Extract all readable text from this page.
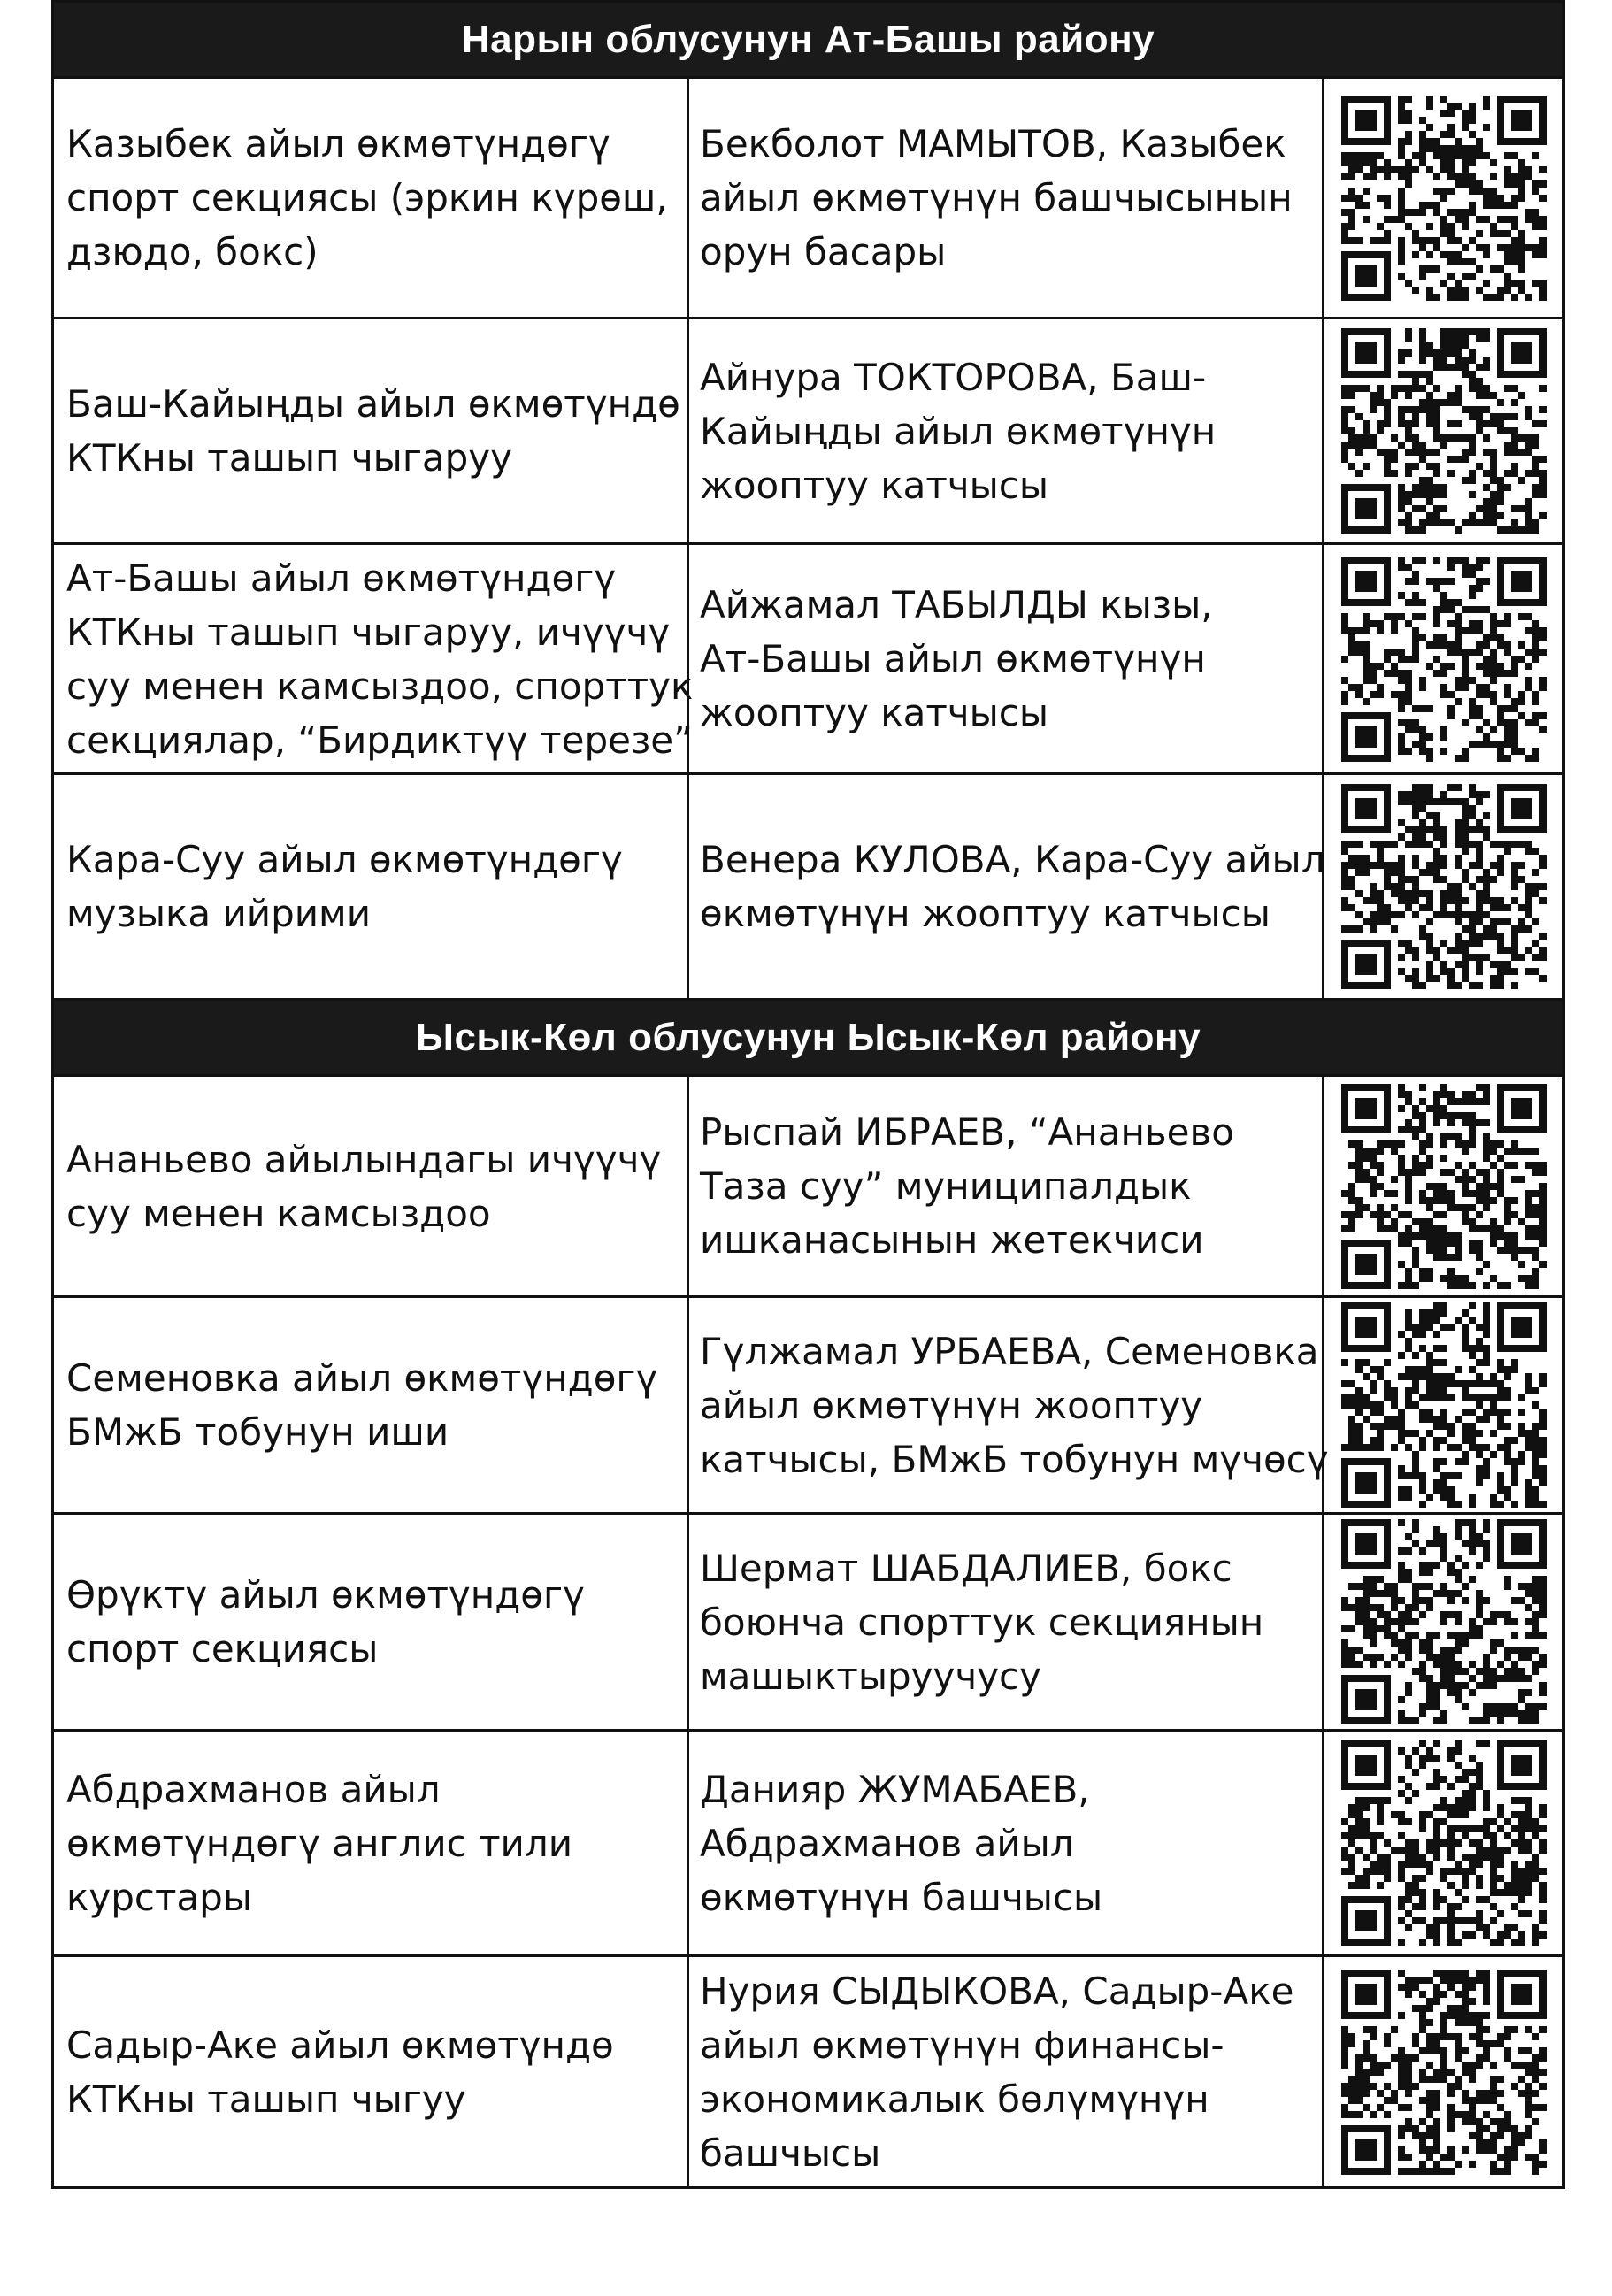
Нарын облусунун Ат-Башы району		

Казыбек айыл өкмөтүндөгү
спорт секциясы (эркин күрөш,
дзюдо, бокс)	Бекболот МАМЫТОВ, Казыбек
айыл өкмөтүнүн башчысынын
орун басары

Баш-Кайыңды айыл өкмөтүндө
КТКны ташып чыгаруу	Айнура ТОКТОРОВА, Баш-
Кайыңды айыл өкмөтүнүн
жооптуу катчысы

Ат-Башы айыл өкмөтүндөгү
КТКны ташып чыгаруу, ичүүчү
суу менен камсыздоо, спорттук
секциялар, “Бирдиктүү терезе”	Айжамал ТАБЫЛДЫ кызы,
Ат-Башы айыл өкмөтүнүн
жооптуу катчысы

Кара-Суу айыл өкмөтүндөгү
музыка ийрими	Венера КУЛОВА, Кара-Суу айыл
өкмөтүнүн жооптуу катчысы

Ысык-Көл облусунун Ысык-Көл району		

Ананьево айылындагы ичүүчү
суу менен камсыздоо	Рыспай ИБРАЕВ, “Ананьево
Таза суу” муниципалдык
ишканасынын жетекчиси

Семеновка айыл өкмөтүндөгү
БМжБ тобунун иши	Гүлжамал УРБАЕВА, Семеновка
айыл өкмөтүнүн жооптуу
катчысы, БМжБ тобунун мүчөсү

Өрүктү айыл өкмөтүндөгү
спорт секциясы	Шермат ШАБДАЛИЕВ, бокс
боюнча спорттук секциянын
машыктыруучусу

Абдрахманов айыл
өкмөтүндөгү англис тили
курстары	Данияр ЖУМАБАЕВ,
Абдрахманов айыл
өкмөтүнүн башчысы

Садыр-Аке айыл өкмөтүндө
КТКны ташып чыгуу	Нурия СЫДЫКОВА, Садыр-Аке
айыл өкмөтүнүн финансы-
экономикалык бөлүмүнүн
башчысы
